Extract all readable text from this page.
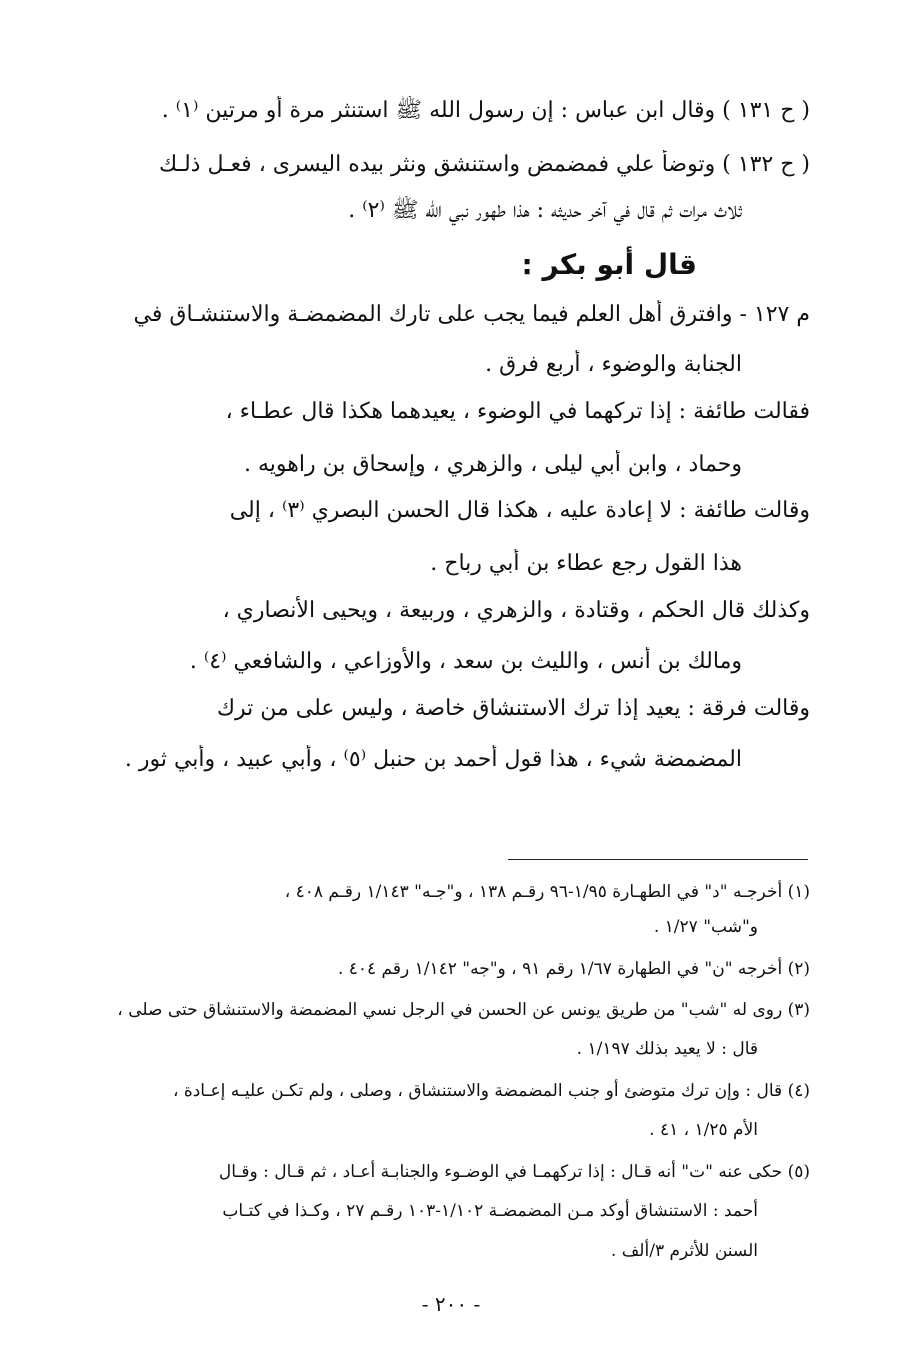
( ح ١٣١ ) وقال ابن عباس : إن رسول الله ﷺ استنثر مرة أو مرتين ⁽١⁾ .
( ح ١٣٢ ) وتوضأ علي فمضمض واستنشق ونثر بيده اليسرى ، فعـل ذلـك
ثلاث مرات ثم قال في آخر حديثه : هذا طهور نبي الله ﷺ ⁽٢⁾ .
قال أبو بكر :
م ١٢٧ - وافترق أهل العلم فيما يجب على تارك المضمضـة والاستنشـاق في
الجنابة والوضوء ، أربع فرق .
فقالت طائفة : إذا تركهما في الوضوء ، يعيدهما هكذا قال عطـاء ،
وحماد ، وابن أبي ليلى ، والزهري ، وإسحاق بن راهويه .
وقالت طائفة : لا إعادة عليه ، هكذا قال الحسن البصري ⁽٣⁾ ، إلى
هذا القول رجع عطاء بن أبي رباح .
وكذلك قال الحكم ، وقتادة ، والزهري ، وربيعة ، ويحيى الأنصاري ،
ومالك بن أنس ، والليث بن سعد ، والأوزاعي ، والشافعي ⁽٤⁾ .
وقالت فرقة : يعيد إذا ترك الاستنشاق خاصة ، وليس على من ترك
المضمضة شيء ، هذا قول أحمد بن حنبل ⁽٥⁾ ، وأبي عبيد ، وأبي ثور .
(١) أخرجـه "د" في الطهـارة ١/٩٥-٩٦ رقـم ١٣٨ ، و"جـه" ١/١٤٣ رقـم ٤٠٨ ،
و"شب" ١/٢٧ .
(٢) أخرجه "ن" في الطهارة ١/٦٧ رقم ٩١ ، و"جه" ١/١٤٢ رقم ٤٠٤ .
(٣) روى له "شب" من طريق يونس عن الحسن في الرجل نسي المضمضة والاستنشاق حتى صلى ،
قال : لا يعيد بذلك ١/١٩٧ .
(٤) قال : وإن ترك متوضئ أو جنب المضمضة والاستنشاق ، وصلى ، ولم تكـن عليـه إعـادة ،
الأم ١/٢٥ ، ٤١ .
(٥) حكى عنه "ت" أنه قـال : إذا تركهمـا في الوضـوء والجنابـة أعـاد ، ثم قـال : وقـال
أحمد : الاستنشاق أوكد مـن المضمضـة ١/١٠٢-١٠٣ رقـم ٢٧ ، وكـذا في كتـاب
السنن للأثرم ٣/ألف .
- ٢٠٠ -
